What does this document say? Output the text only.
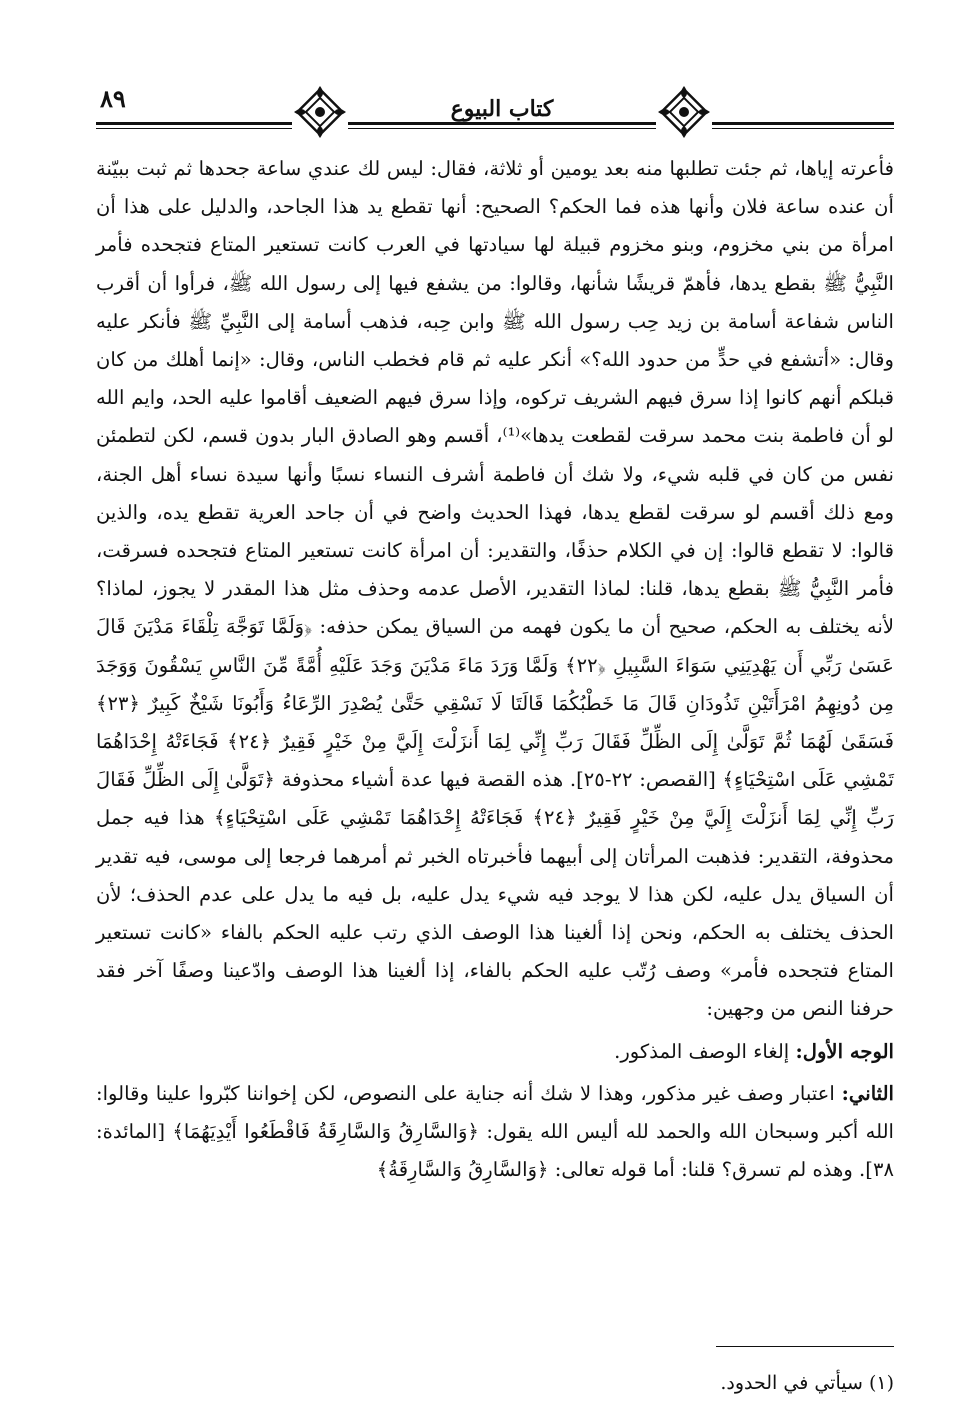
٨٩	كتاب البيوع

فأعرته إياها، ثم جئت تطلبها منه بعد يومين أو ثلاثة، فقال: ليس لك عندي ساعة جحدها ثم ثبت ببيّنة أن عنده ساعة فلان وأنها هذه فما الحكم؟ الصحيح: أنها تقطع يد هذا الجاحد، والدليل على هذا أن امرأة من بني مخزوم، وبنو مخزوم قبيلة لها سيادتها في العرب كانت تستعير المتاع فتجحده فأمر النَّبِيُّ ﷺ بقطع يدها، فأهمّ قريشًا شأنها، وقالوا: من يشفع فيها إلى رسول الله ﷺ، فرأوا أن أقرب الناس شفاعة أسامة بن زيد حِب رسول الله ﷺ وابن حِبه، فذهب أسامة إلى النَّبِيِّ ﷺ فأنكر عليه وقال: «أتشفع في حدٍّ من حدود الله؟» أنكر عليه ثم قام فخطب الناس، وقال: «إنما أهلك من كان قبلكم أنهم كانوا إذا سرق فيهم الشريف تركوه، وإذا سرق فيهم الضعيف أقاموا عليه الحد، وايم الله لو أن فاطمة بنت محمد سرقت لقطعت يدها»⁽¹⁾، أقسم وهو الصادق البار بدون قسم، لكن لتطمئن نفس من كان في قلبه شيء، ولا شك أن فاطمة أشرف النساء نسبًا وأنها سيدة نساء أهل الجنة، ومع ذلك أقسم لو سرقت لقطع يدها، فهذا الحديث واضح في أن جاحد العرية تقطع يده، والذين قالوا: لا تقطع قالوا: إن في الكلام حذفًا، والتقدير: أن امرأة كانت تستعير المتاع فتجحده فسرقت، فأمر النَّبِيُّ ﷺ بقطع يدها، قلنا: لماذا التقدير، الأصل عدمه وحذف مثل هذا المقدر لا يجوز، لماذا؟ لأنه يختلف به الحكم، صحيح أن ما يكون فهمه من السياق يمكن حذفه: ﴿وَلَمَّا تَوَجَّهَ تِلْقَاءَ مَدْيَنَ قَالَ عَسَىٰ رَبِّي أَن يَهْدِيَنِي سَوَاءَ السَّبِيلِ ﴿٢٢﴾ وَلَمَّا وَرَدَ مَاءَ مَدْيَنَ وَجَدَ عَلَيْهِ أُمَّةً مِّنَ النَّاسِ يَسْقُونَ وَوَجَدَ مِن دُونِهِمُ امْرَأَتَيْنِ تَذُودَانِ قَالَ مَا خَطْبُكُمَا قَالَتَا لَا نَسْقِي حَتَّىٰ يُصْدِرَ الرِّعَاءُ وَأَبُونَا شَيْخٌ كَبِيرٌ ﴿٢٣﴾ فَسَقَىٰ لَهُمَا ثُمَّ تَوَلَّىٰ إِلَى الظِّلِّ فَقَالَ رَبِّ إِنِّي لِمَا أَنزَلْتَ إِلَيَّ مِنْ خَيْرٍ فَقِيرٌ ﴿٢٤﴾ فَجَاءَتْهُ إِحْدَاهُمَا تَمْشِي عَلَى اسْتِحْيَاءٍ﴾ [القصص: ٢٢-٢٥]. هذه القصة فيها عدة أشياء محذوفة ﴿تَوَلَّىٰ إِلَى الظِّلِّ فَقَالَ رَبِّ إِنِّي لِمَا أَنزَلْتَ إِلَيَّ مِنْ خَيْرٍ فَقِيرٌ ﴿٢٤﴾ فَجَاءَتْهُ إِحْدَاهُمَا تَمْشِي عَلَى اسْتِحْيَاءٍ﴾ هذا فيه جمل محذوفة، التقدير: فذهبت المرأتان إلى أبيهما فأخبرتاه الخبر ثم أمرهما فرجعا إلى موسى، فيه تقدير أن السياق يدل عليه، لكن هذا لا يوجد فيه شيء يدل عليه، بل فيه ما يدل على عدم الحذف؛ لأن الحذف يختلف به الحكم، ونحن إذا ألغينا هذا الوصف الذي رتب عليه الحكم بالفاء «كانت تستعير المتاع فتجحده فأمر» وصف رُتّب عليه الحكم بالفاء، إذا ألغينا هذا الوصف وادّعينا وصفًا آخر فقد حرفنا النص من وجهين:

الوجه الأول: إلغاء الوصف المذكور.

الثاني: اعتبار وصف غير مذكور، وهذا لا شك أنه جناية على النصوص، لكن إخواننا كبّروا علينا وقالوا: الله أكبر وسبحان الله والحمد لله أليس الله يقول: ﴿وَالسَّارِقُ وَالسَّارِقَةُ فَاقْطَعُوا أَيْدِيَهُمَا﴾ [المائدة: ٣٨]. وهذه لم تسرق؟ قلنا: أما قوله تعالى: ﴿وَالسَّارِقُ وَالسَّارِقَةُ﴾

(١) سيأتي في الحدود.
